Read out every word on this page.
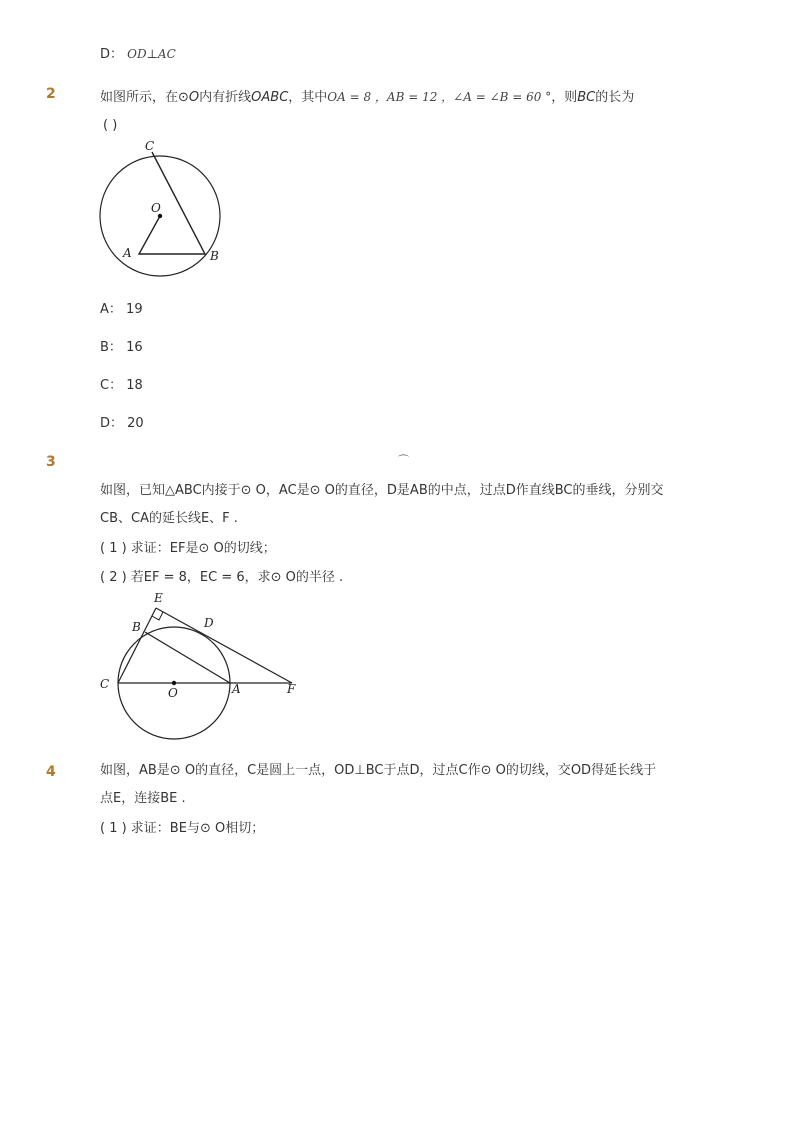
D： OD⊥AC
2	如图所示，在⊙O内有折线OABC，其中OA = 8 ，AB = 12 ，∠A = ∠B = 60 °，则BC的长为
( )
C
O
A	B
A： 19
B： 16
C： 18
D： 20
3	⌒
如图，已知△ABC内接于⊙ O，AC是⊙ O的直径，D是AB的中点，过点D作直线BC的垂线，分别交
CB、CA的延长线E、F .
( 1 ) 求证：EF是⊙ O的切线；
( 2 ) 若EF = 8，EC = 6，求⊙ O的半径 .
E
B	D
C
O	A	F
4	如图，AB是⊙ O的直径，C是圆上一点，OD⊥BC于点D，过点C作⊙ O的切线，交OD得延长线于
点E，连接BE .
( 1 ) 求证：BE与⊙ O相切；
